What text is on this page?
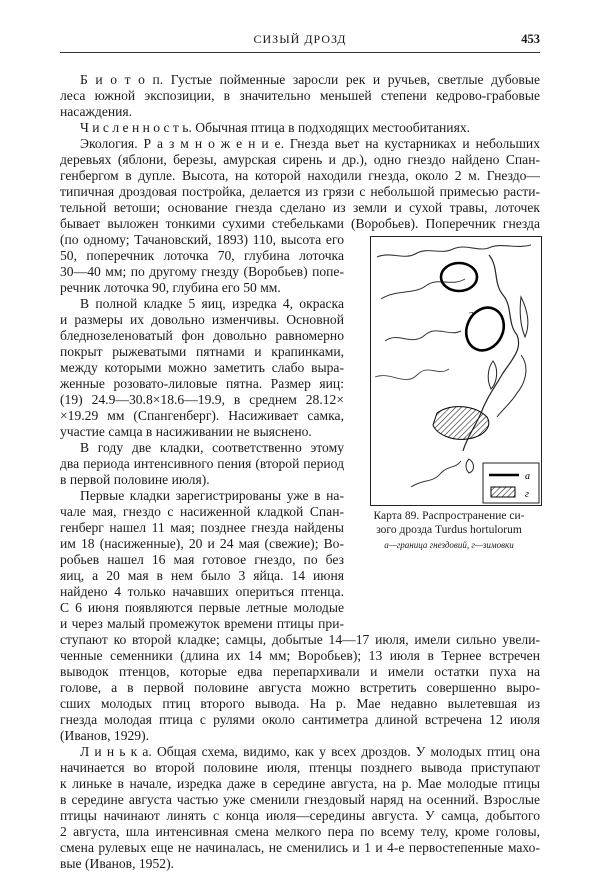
СИЗЫЙ ДРОЗД	453
Б и о т о п. Густые пойменные заросли рек и ручьев, светлые дубовые
леса южной экспозиции, в значительно меньшей степени кедрово-грабовые
насаждения.
Ч и с л е н н о с т ь. Обычная птица в подходящих местообитаниях.
Экология. Р а з м н о ж е н и е. Гнезда вьет на кустарниках и небольших
деревьях (яблони, березы, амурская сирень и др.), одно гнездо найдено Спан-
генбергом в дупле. Высота, на которой находили гнезда, около 2 м. Гнездо—
типичная дроздовая постройка, делается из грязи с небольшой примесью расти-
тельной ветоши; основание гнезда сделано из земли и сухой травы, лоточек
бывает выложен тонкими сухими стебельками (Воробьев). Поперечник гнезда
(по одному; Тачановский, 1893) 110, высота его
50, поперечник лоточка 70, глубина лоточка
30—40 мм; по другому гнезду (Воробьев) попе-
речник лоточка 90, глубина его 50 мм.
В полной кладке 5 яиц, изредка 4, окраска
и размеры их довольно изменчивы. Основной
бледнозеленоватый фон довольно равномерно
покрыт рыжеватыми пятнами и крапинками,
между которыми можно заметить слабо выра-
женные розовато-лиловые пятна. Размер яиц:
(19) 24.9—30.8×18.6—19.9, в среднем 28.12×
×19.29 мм (Спангенберг). Насиживает самка,
участие самца в насиживании не выяснено.
В году две кладки, соответственно этому
два периода интенсивного пения (второй период
в первой половине июля).
Первые кладки зарегистрированы уже в на-
чале мая, гнездо с насиженной кладкой Спан-
генберг нашел 11 мая; позднее гнезда найдены
им 18 (насиженные), 20 и 24 мая (свежие); Во-
робьев нашел 16 мая готовое гнездо, по без
яиц, а 20 мая в нем было 3 яйца. 14 июня
найдено 4 только начавших опериться птенца.
С 6 июня появляются первые летные молодые
и через малый промежуток времени птицы при-
ступают ко второй кладке; самцы, добытые 14—17 июля, имели сильно увели-
ченные семенники (длина их 14 мм; Воробьев); 13 июля в Тернее встречен
выводок птенцов, которые едва перепархивали и имели остатки пуха на
голове, а в первой половине августа можно встретить совершенно выро-
сших молодых птиц второго вывода. На р. Мае недавно вылетевшая из
гнезда молодая птица с рулями около сантиметра длиной встречена 12 июля
(Иванов, 1929).
Л и н ь к а. Общая схема, видимо, как у всех дроздов. У молодых птиц она
начинается во второй половине июля, птенцы позднего вывода приступают
к линьке в начале, изредка даже в середине августа, на р. Мае молодые птицы
в середине августа частью уже сменили гнездовый наряд на осенний. Взрослые
птицы начинают линять с конца июля—середины августа. У самца, добытого
2 августа, шла интенсивная смена мелкого пера по всему телу, кроме головы,
смена рулевых еще не начиналась, не сменились и 1 и 4-е первостепенные махо-
вые (Иванов, 1952).
?
а
г
Карта 89. Распространение си-
зого дрозда Turdus hortulorum
а—граница гнездовий, г—зимовки
